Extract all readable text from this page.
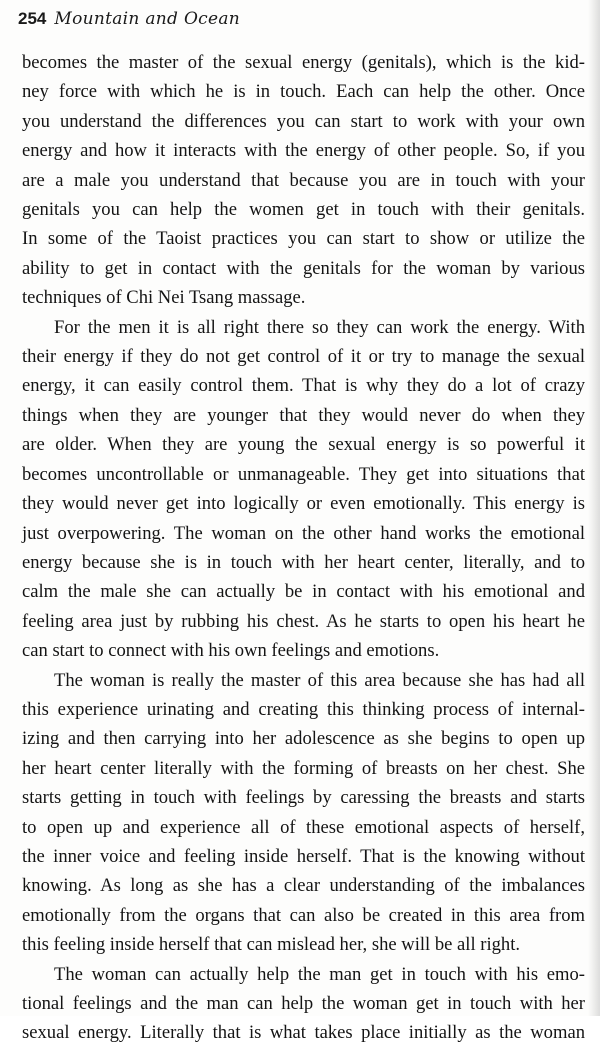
254 Mountain and Ocean
becomes the master of the sexual energy (genitals), which is the kid-
ney force with which he is in touch. Each can help the other. Once
you understand the differences you can start to work with your own
energy and how it interacts with the energy of other people. So, if you
are a male you understand that because you are in touch with your
genitals you can help the women get in touch with their genitals.
In some of the Taoist practices you can start to show or utilize the
ability to get in contact with the genitals for the woman by various
techniques of Chi Nei Tsang massage.
For the men it is all right there so they can work the energy. With
their energy if they do not get control of it or try to manage the sexual
energy, it can easily control them. That is why they do a lot of crazy
things when they are younger that they would never do when they
are older. When they are young the sexual energy is so powerful it
becomes uncontrollable or unmanageable. They get into situations that
they would never get into logically or even emotionally. This energy is
just overpowering. The woman on the other hand works the emotional
energy because she is in touch with her heart center, literally, and to
calm the male she can actually be in contact with his emotional and
feeling area just by rubbing his chest. As he starts to open his heart he
can start to connect with his own feelings and emotions.
The woman is really the master of this area because she has had all
this experience urinating and creating this thinking process of internal-
izing and then carrying into her adolescence as she begins to open up
her heart center literally with the forming of breasts on her chest. She
starts getting in touch with feelings by caressing the breasts and starts
to open up and experience all of these emotional aspects of herself,
the inner voice and feeling inside herself. That is the knowing without
knowing. As long as she has a clear understanding of the imbalances
emotionally from the organs that can also be created in this area from
this feeling inside herself that can mislead her, she will be all right.
The woman can actually help the man get in touch with his emo-
tional feelings and the man can help the woman get in touch with her
sexual energy. Literally that is what takes place initially as the woman
